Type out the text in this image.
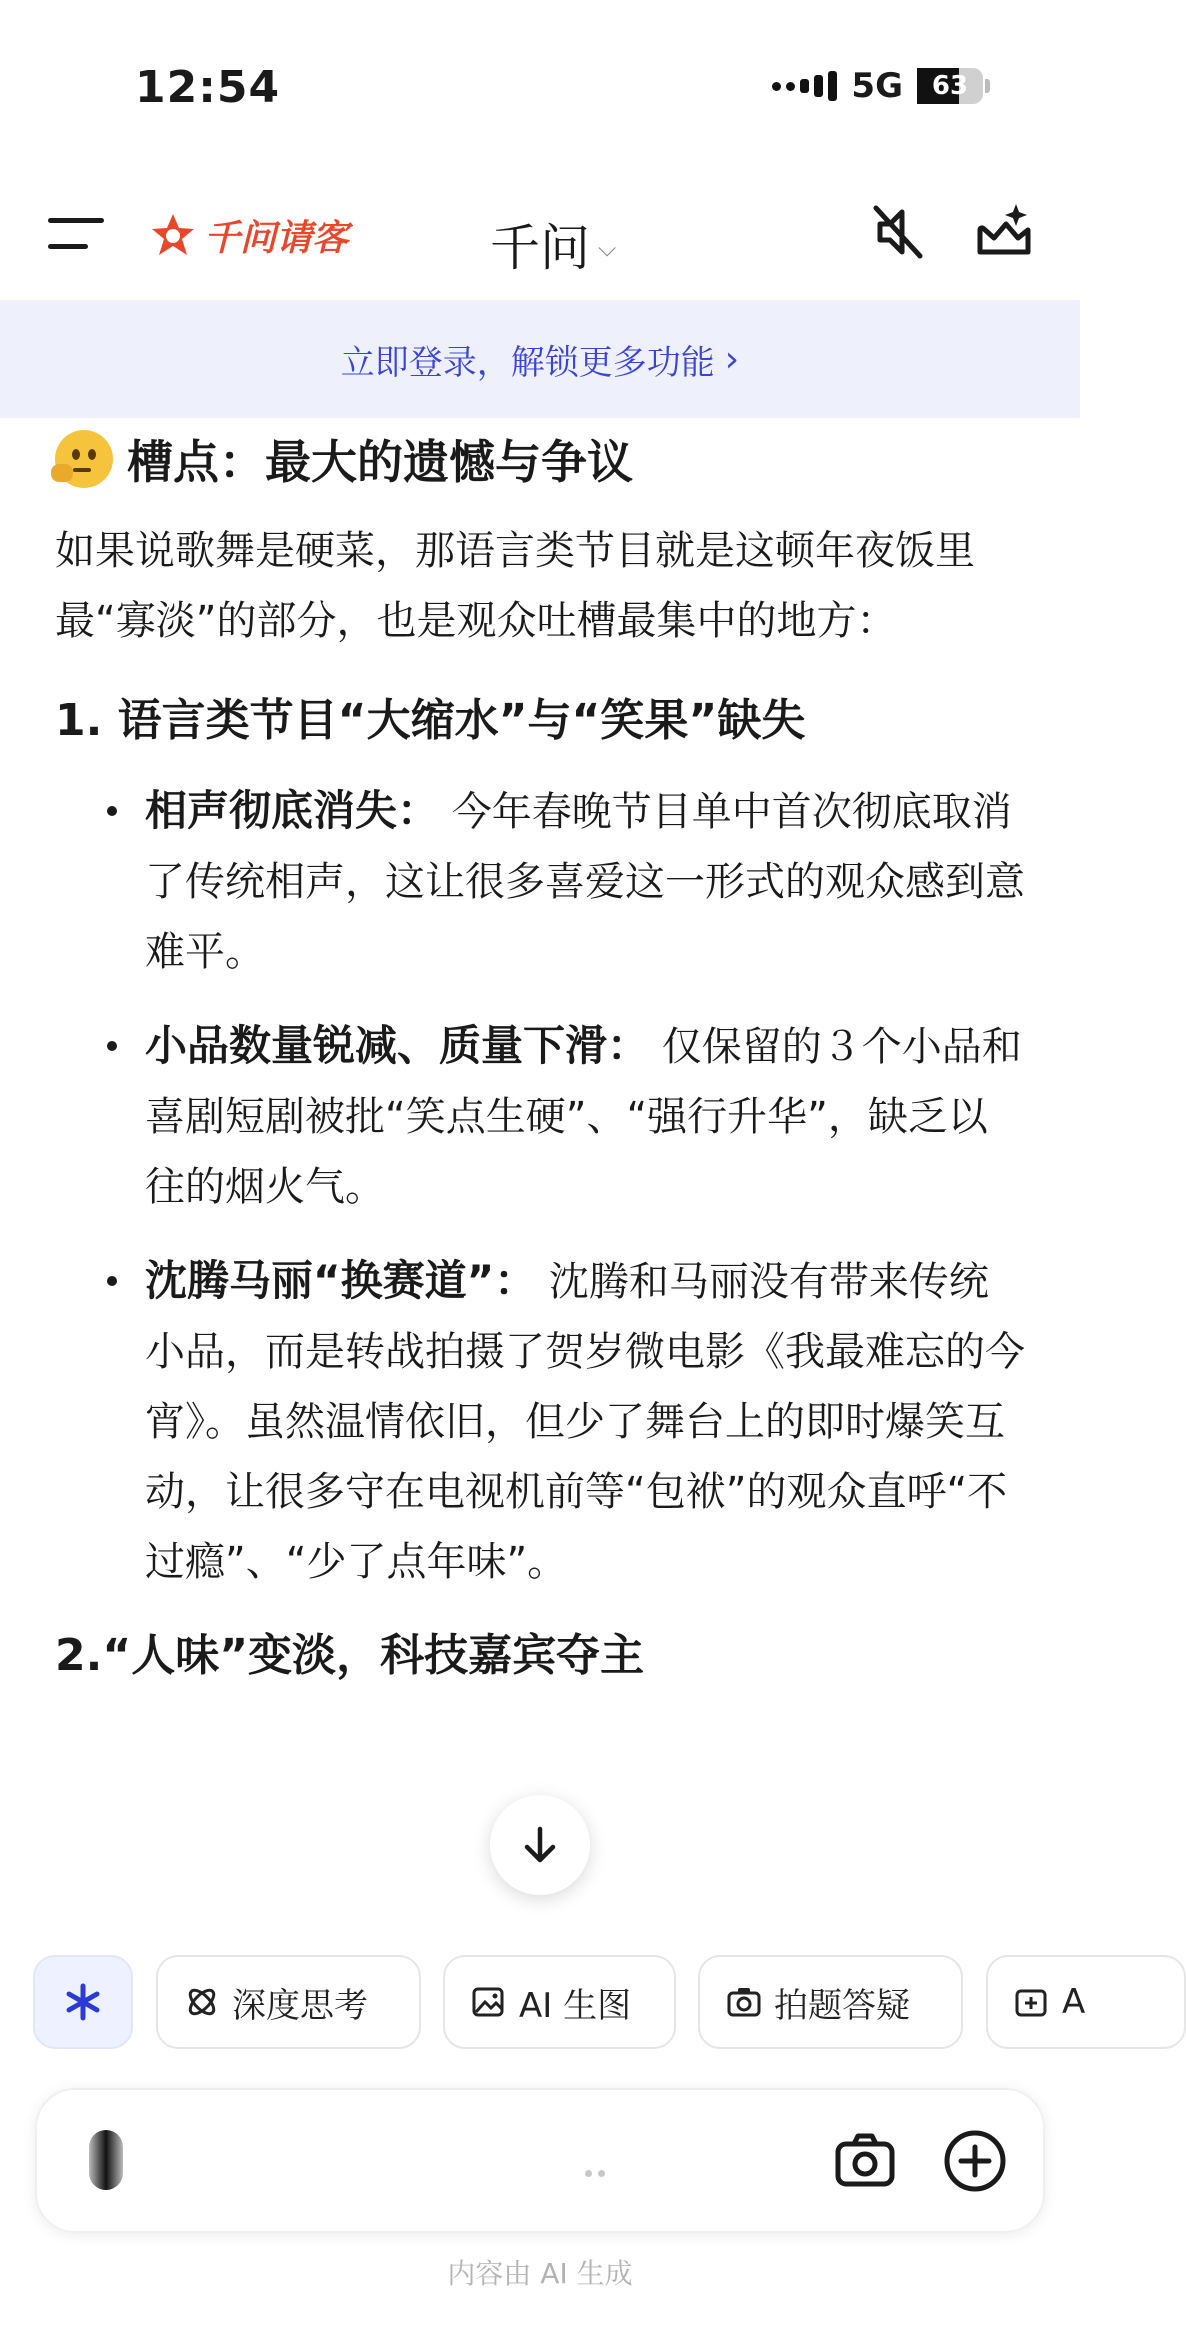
12:54	5G 63
千问请客	千问 ⌵
立即登录，解锁更多功能 ›
槽点：最大的遗憾与争议
如果说歌舞是硬菜，那语言类节目就是这顿年夜饭里最“寡淡”的部分，也是观众吐槽最集中的地方：
1. 语言类节目“大缩水”与“笑果”缺失
相声彻底消失： 今年春晚节目单中首次彻底取消了传统相声，这让很多喜爱这一形式的观众感到意难平。
小品数量锐减、质量下滑： 仅保留的３个小品和喜剧短剧被批“笑点生硬”、“强行升华”，缺乏以往的烟火气。
沈腾马丽“换赛道”： 沈腾和马丽没有带来传统小品，而是转战拍摄了贺岁微电影《我最难忘的今宵》。虽然温情依旧，但少了舞台上的即时爆笑互动，让很多守在电视机前等“包袱”的观众直呼“不过瘾”、“少了点年味”。
2.“人味”变淡，科技嘉宾夺主
深度思考	AI 生图	拍题答疑	A
内容由 AI 生成
